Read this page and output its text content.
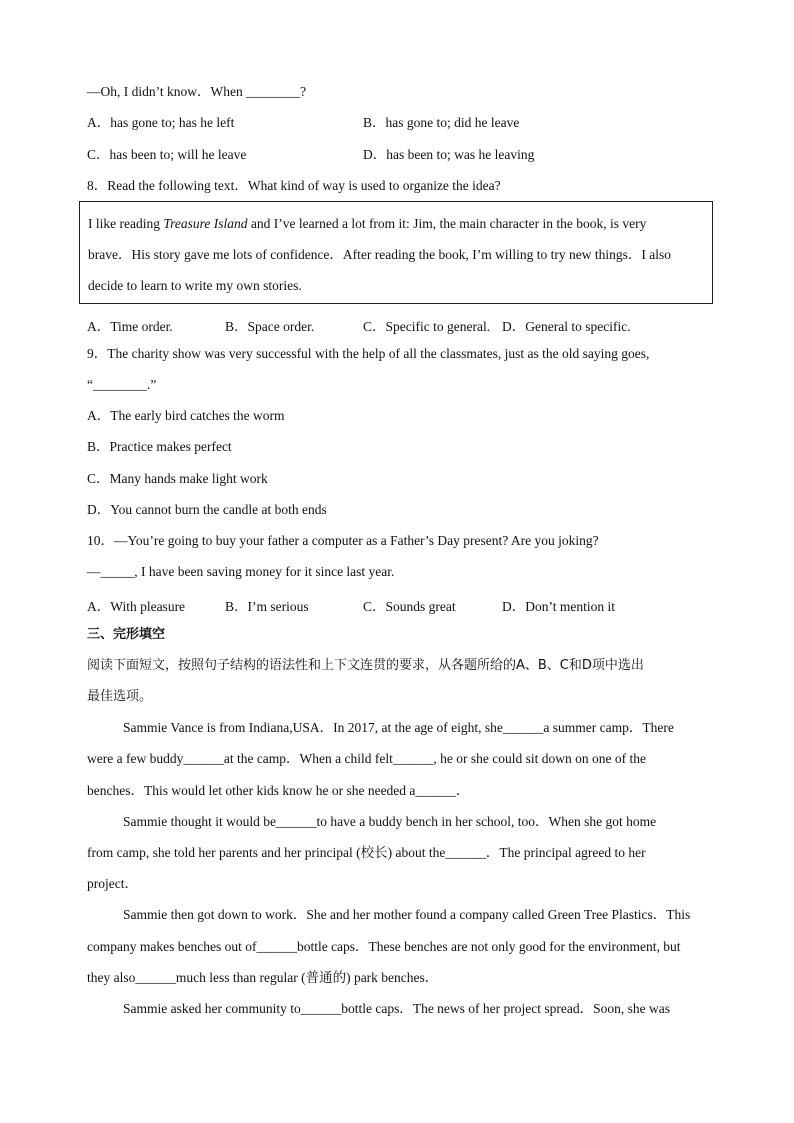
—Oh, I didn’t know．When ________?
A．has gone to; has he left	B．has gone to; did he leave
C．has been to; will he leave	D．has been to; was he leaving
8．Read the following text．What kind of way is used to organize the idea?
I like reading Treasure Island and I’ve learned a lot from it: Jim, the main character in the book, is very
brave．His story gave me lots of confidence．After reading the book, I’m willing to try new things．I also
decide to learn to write my own stories.
A．Time order.	B．Space order.	C．Specific to general. D．General to specific.
9．The charity show was very successful with the help of all the classmates, just as the old saying goes,
“________.”
A．The early bird catches the worm
B．Practice makes perfect
C．Many hands make light work
D．You cannot burn the candle at both ends
10．—You’re going to buy your father a computer as a Father’s Day present? Are you joking?
—_____, I have been saving money for it since last year.
A．With pleasure	B．I’m serious	C．Sounds great	D．Don’t mention it
三、完形填空
阅读下面短文，按照句子结构的语法性和上下文连贯的要求，从各题所给的A、B、C和D项中选出
最佳选项。
Sammie Vance is from Indiana,USA．In 2017, at the age of eight, she______a summer camp．There
were a few buddy______at the camp．When a child felt______, he or she could sit down on one of the
benches．This would let other kids know he or she needed a______．
Sammie thought it would be______to have a buddy bench in her school, too．When she got home
from camp, she told her parents and her principal (校长) about the______．The principal agreed to her
project．
Sammie then got down to work．She and her mother found a company called Green Tree Plastics．This
company makes benches out of______bottle caps．These benches are not only good for the environment, but
they also______much less than regular (普通的) park benches．
Sammie asked her community to______bottle caps．The news of her project spread．Soon, she was
